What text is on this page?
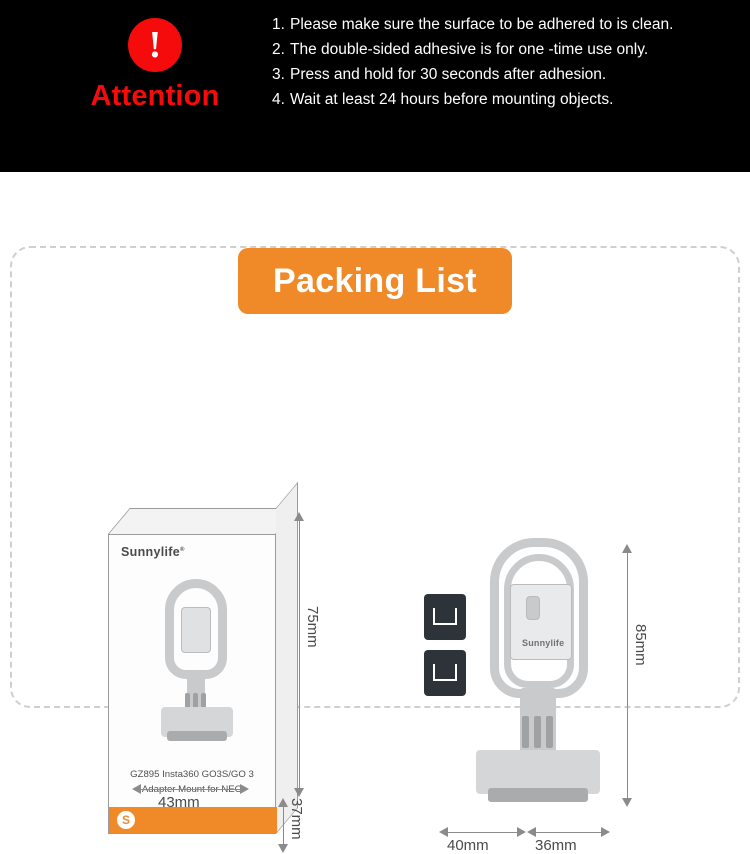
!
Attention
1. Please make sure the surface to be adhered to is clean.
2. The double-sided adhesive is for one -time use only.
3. Press and hold for 30 seconds after adhesion.
4. Wait at least 24 hours before mounting objects.
Packing List
Sunnylife®
GZ895 Insta360 GO3S/GO 3
S
43mm
75mm
37mm
Sunnylife	85mm
40mm	36mm
